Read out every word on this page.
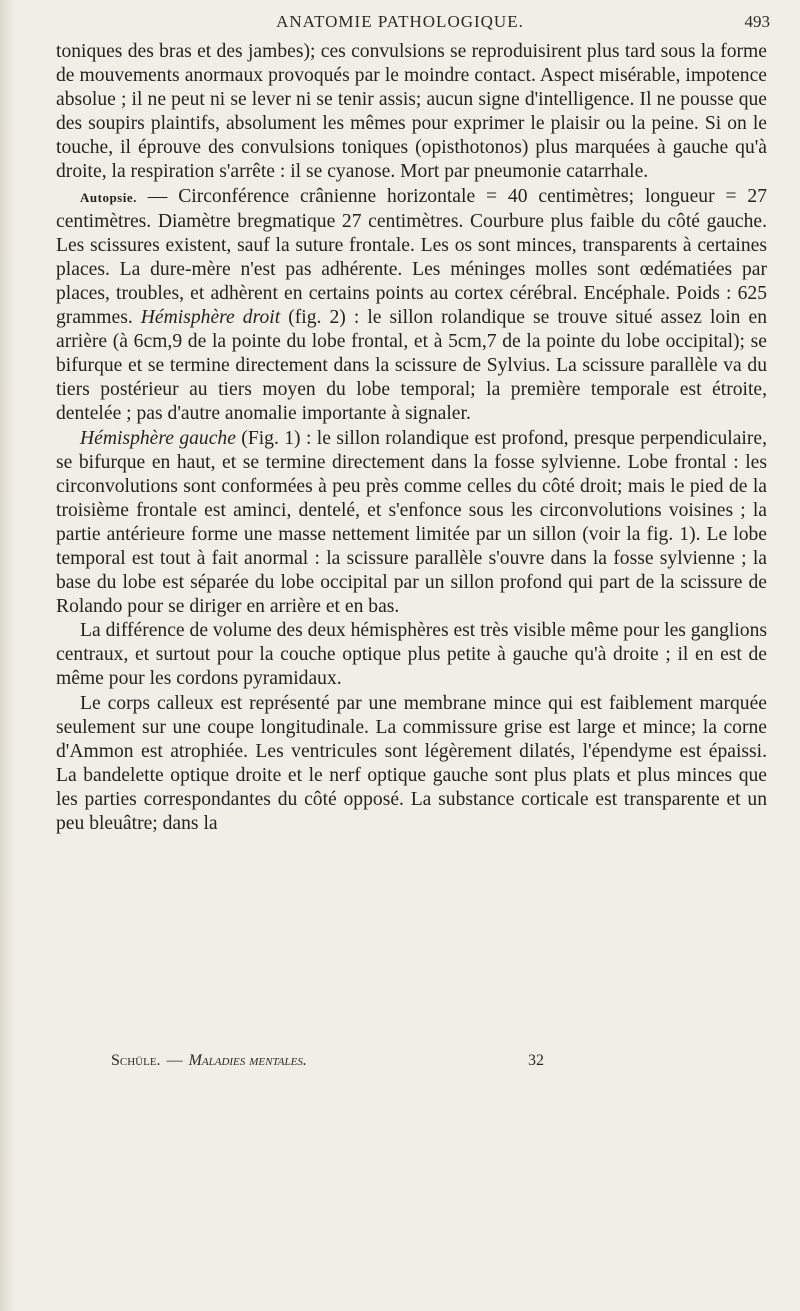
ANATOMIE PATHOLOGIQUE.	493

toniques des bras et des jambes); ces convulsions se reproduisirent plus tard sous la forme de mouvements anormaux provoqués par le moindre contact. Aspect misérable, impotence absolue ; il ne peut ni se lever ni se tenir assis; aucun signe d'intelligence. Il ne pousse que des soupirs plaintifs, absolument les mêmes pour exprimer le plaisir ou la peine. Si on le touche, il éprouve des convulsions toniques (opisthotonos) plus marquées à gauche qu'à droite, la respiration s'arrête : il se cyanose. Mort par pneumonie catarrhale.

Autopsie. — Circonférence crânienne horizontale = 40 centimètres; longueur = 27 centimètres. Diamètre bregmatique 27 centimètres. Courbure plus faible du côté gauche. Les scissures existent, sauf la suture frontale. Les os sont minces, transparents à certaines places. La dure-mère n'est pas adhérente. Les méninges molles sont œdématiées par places, troubles, et adhèrent en certains points au cortex cérébral. Encéphale. Poids : 625 grammes. Hémisphère droit (fig. 2) : le sillon rolandique se trouve situé assez loin en arrière (à 6cm,9 de la pointe du lobe frontal, et à 5cm,7 de la pointe du lobe occipital); se bifurque et se termine directement dans la scissure de Sylvius. La scissure parallèle va du tiers postérieur au tiers moyen du lobe temporal; la première temporale est étroite, dentelée ; pas d'autre anomalie importante à signaler.

Hémisphère gauche (Fig. 1) : le sillon rolandique est profond, presque perpendiculaire, se bifurque en haut, et se termine directement dans la fosse sylvienne. Lobe frontal : les circonvolutions sont conformées à peu près comme celles du côté droit; mais le pied de la troisième frontale est aminci, dentelé, et s'enfonce sous les circonvolutions voisines ; la partie antérieure forme une masse nettement limitée par un sillon (voir la fig. 1). Le lobe temporal est tout à fait anormal : la scissure parallèle s'ouvre dans la fosse sylvienne ; la base du lobe est séparée du lobe occipital par un sillon profond qui part de la scissure de Rolando pour se diriger en arrière et en bas.

La différence de volume des deux hémisphères est très visible même pour les ganglions centraux, et surtout pour la couche optique plus petite à gauche qu'à droite ; il en est de même pour les cordons pyramidaux.

Le corps calleux est représenté par une membrane mince qui est faiblement marquée seulement sur une coupe longitudinale. La commissure grise est large et mince; la corne d'Ammon est atrophiée. Les ventricules sont légèrement dilatés, l'épendyme est épaissi. La bandelette optique droite et le nerf optique gauche sont plus plats et plus minces que les parties correspondantes du côté opposé. La substance corticale est transparente et un peu bleuâtre; dans la

Schüle. — Maladies mentales.	32
